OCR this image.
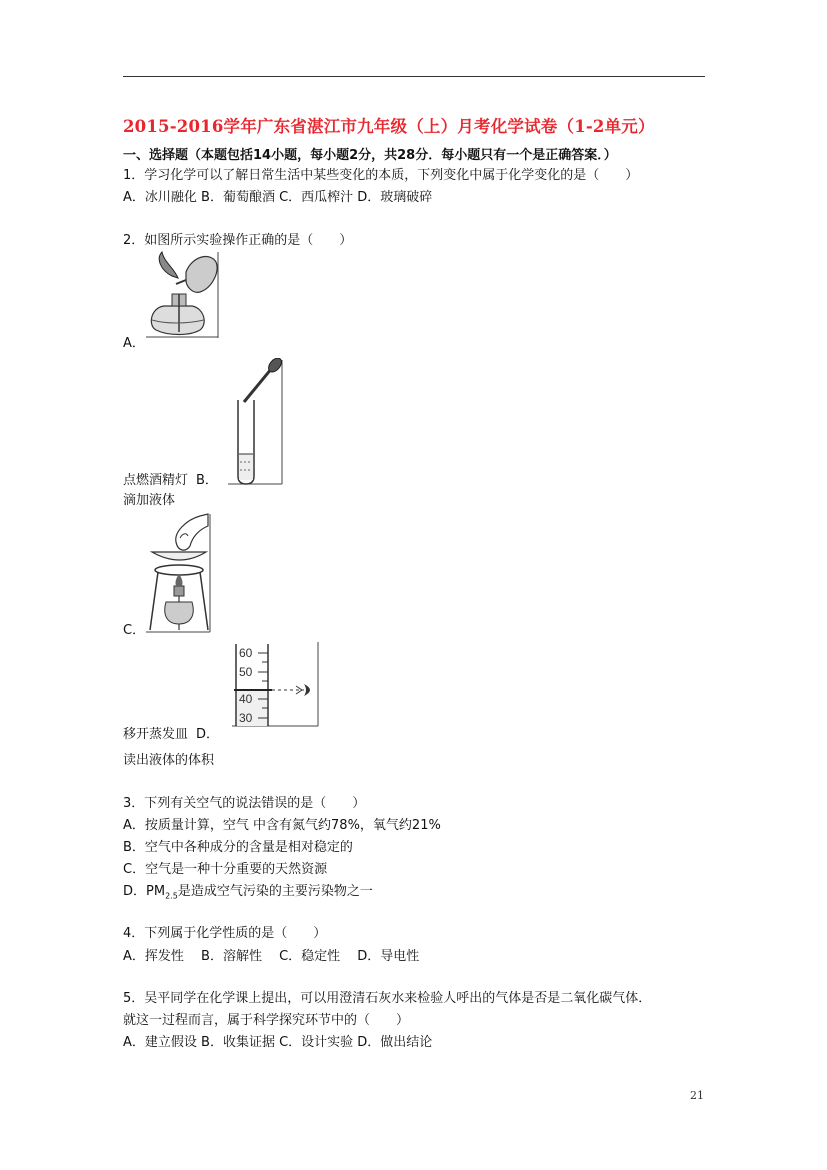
2015-2016学年广东省湛江市九年级（上）月考化学试卷（1-2单元）
一、选择题（本题包括14小题，每小题2分，共28分．每小题只有一个是正确答案．）
1．学习化学可以了解日常生活中某些变化的本质，下列变化中属于化学变化的是（　　）
A．冰川融化 B．葡萄酿酒 C．西瓜榨汁 D．玻璃破碎
2．如图所示实验操作正确的是（　　）
A．
点燃酒精灯 B．
滴加液体
C．
60
50
40
30
移开蒸发皿 D．
读出液体的体积
3．下列有关空气的说法错误的是（　　）
A．按质量计算，空气 中含有氮气约78%，氧气约21%
B．空气中各种成分的含量是相对稳定的
C．空气是一种十分重要的天然资源
D．$PM_{2.5}$是造成空气污染的主要污染物之一
4．下列属于化学性质的是（　　）
A．挥发性　 B．溶解性　 C．稳定性　 D．导电性
5．吴平同学在化学课上提出，可以用澄清石灰水来检验人呼出的气体是否是二氧化碳气体．
就这一过程而言，属于科学探究环节中的（　　）
A．建立假设 B．收集证据 C．设计实验 D．做出结论
21
